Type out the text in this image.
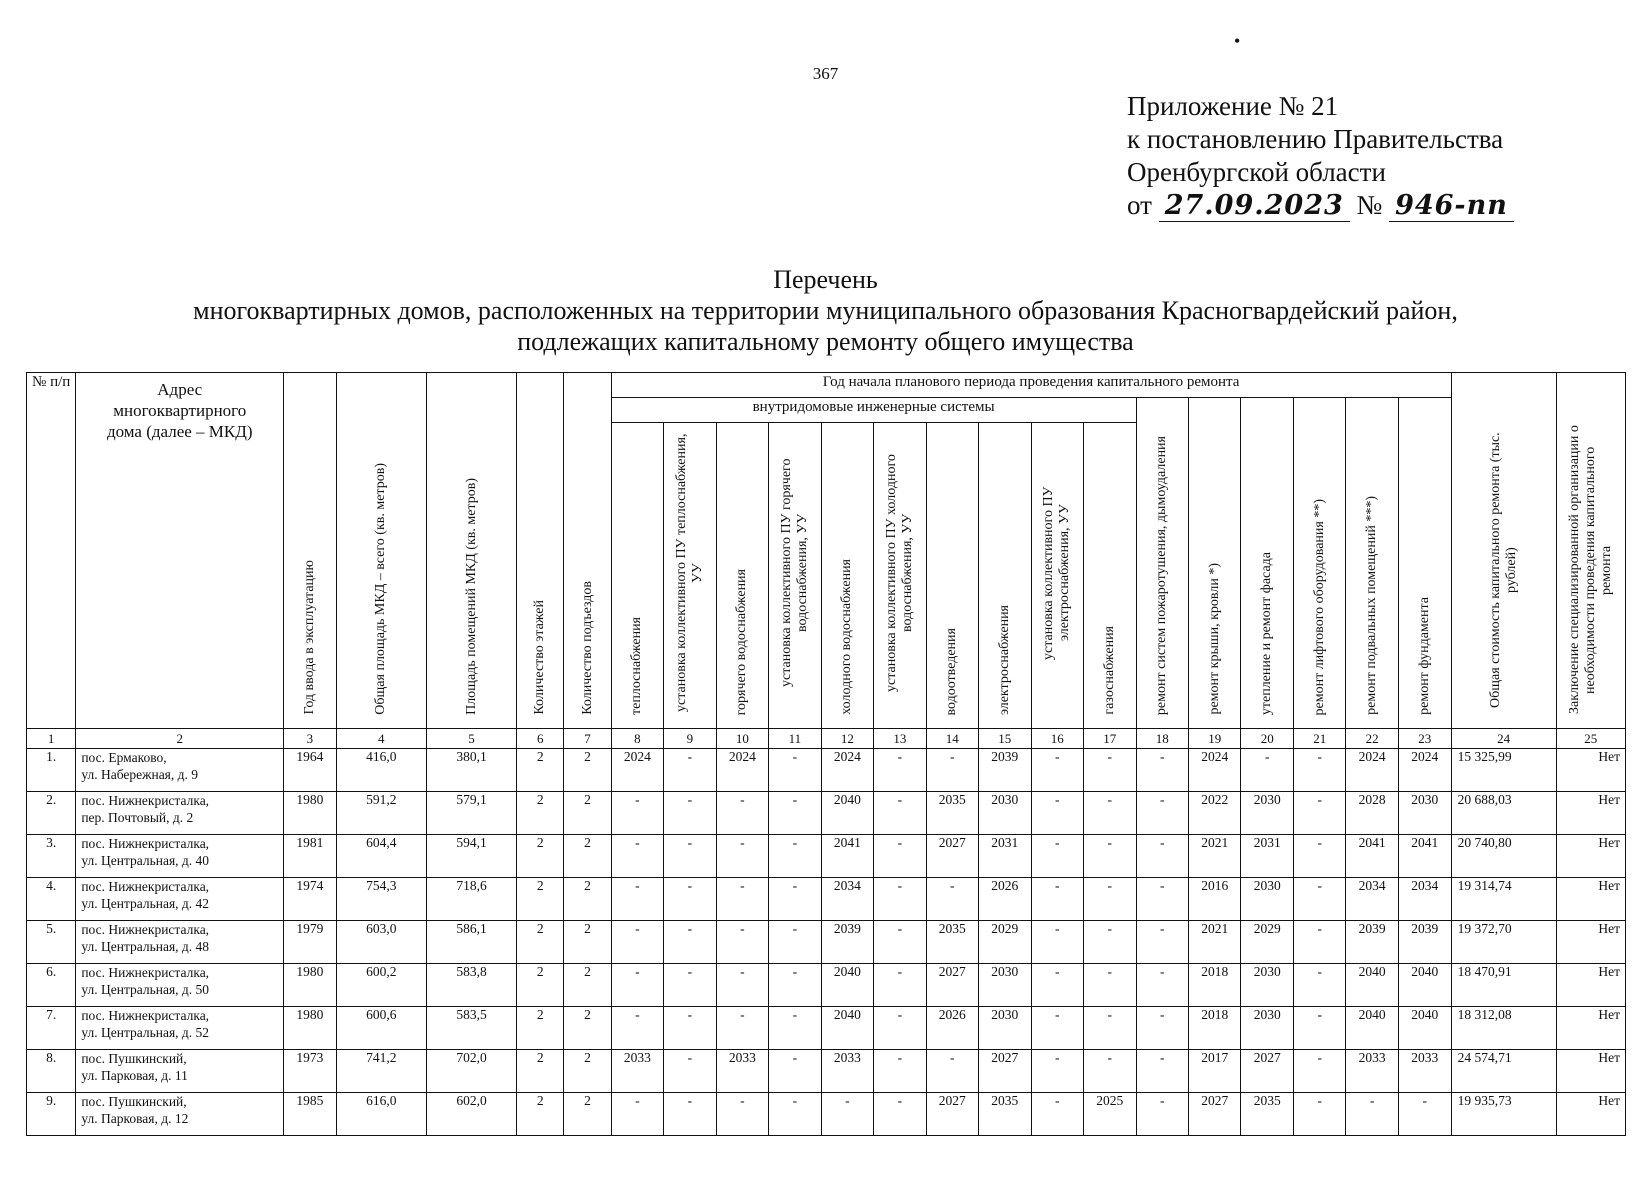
•
367
Приложение № 21
к постановлению Правительства
Оренбургской области
от 27.09.2023 № 946-пп
Перечень
многоквартирных домов, расположенных на территории муниципального образования Красногвардейский район,
подлежащих капитальному ремонту общего имущества
№ п/п	Адрес многоквартирного дома (далее – МКД)	Год ввода в эксплуатацию	Общая площадь МКД – всего (кв. метров)	Площадь помещений МКД (кв. метров)	Количество этажей	Количество подъездов	Год начала планового периода проведения капитального ремонта																Общая стоимость капитального ремонта (тыс. рублей)	Заключение специализированной организации о необходимости проведения капитального ремонта
							внутридомовые инженерные системы										ремонт систем пожаротушения, дымоудаления	ремонт крыши, кровли *)	утепление и ремонт фасада	ремонт лифтового оборудования **)	ремонт подвальных помещений ***)	ремонт фундамента		
							теплоснабжения	установка коллективного ПУ теплоснабжения, УУ	горячего водоснабжения	установка коллективного ПУ горячего водоснабжения, УУ	холодного водоснабжения	установка коллективного ПУ холодного водоснабжения, УУ	водоотведения	электроснабжения	установка коллективного ПУ электроснабжения, УУ	газоснабжения								
1	2	3	4	5	6	7	8	9	10	11	12	13	14	15	16	17	18	19	20	21	22	23	24	25
1.	пос. Ермаково,
ул. Набережная, д. 9	1964	416,0	380,1	2	2	2024	-	2024	-	2024	-	-	2039	-	-	-	2024	-	-	2024	2024	15 325,99	Нет
2.	пос. Нижнекристалка,
пер. Почтовый, д. 2	1980	591,2	579,1	2	2	-	-	-	-	2040	-	2035	2030	-	-	-	2022	2030	-	2028	2030	20 688,03	Нет
3.	пос. Нижнекристалка,
ул. Центральная, д. 40	1981	604,4	594,1	2	2	-	-	-	-	2041	-	2027	2031	-	-	-	2021	2031	-	2041	2041	20 740,80	Нет
4.	пос. Нижнекристалка,
ул. Центральная, д. 42	1974	754,3	718,6	2	2	-	-	-	-	2034	-	-	2026	-	-	-	2016	2030	-	2034	2034	19 314,74	Нет
5.	пос. Нижнекристалка,
ул. Центральная, д. 48	1979	603,0	586,1	2	2	-	-	-	-	2039	-	2035	2029	-	-	-	2021	2029	-	2039	2039	19 372,70	Нет
6.	пос. Нижнекристалка,
ул. Центральная, д. 50	1980	600,2	583,8	2	2	-	-	-	-	2040	-	2027	2030	-	-	-	2018	2030	-	2040	2040	18 470,91	Нет
7.	пос. Нижнекристалка,
ул. Центральная, д. 52	1980	600,6	583,5	2	2	-	-	-	-	2040	-	2026	2030	-	-	-	2018	2030	-	2040	2040	18 312,08	Нет
8.	пос. Пушкинский,
ул. Парковая, д. 11	1973	741,2	702,0	2	2	2033	-	2033	-	2033	-	-	2027	-	-	-	2017	2027	-	2033	2033	24 574,71	Нет
9.	пос. Пушкинский,
ул. Парковая, д. 12	1985	616,0	602,0	2	2	-	-	-	-	-	-	2027	2035	-	2025	-	2027	2035	-	-	-	19 935,73	Нет
